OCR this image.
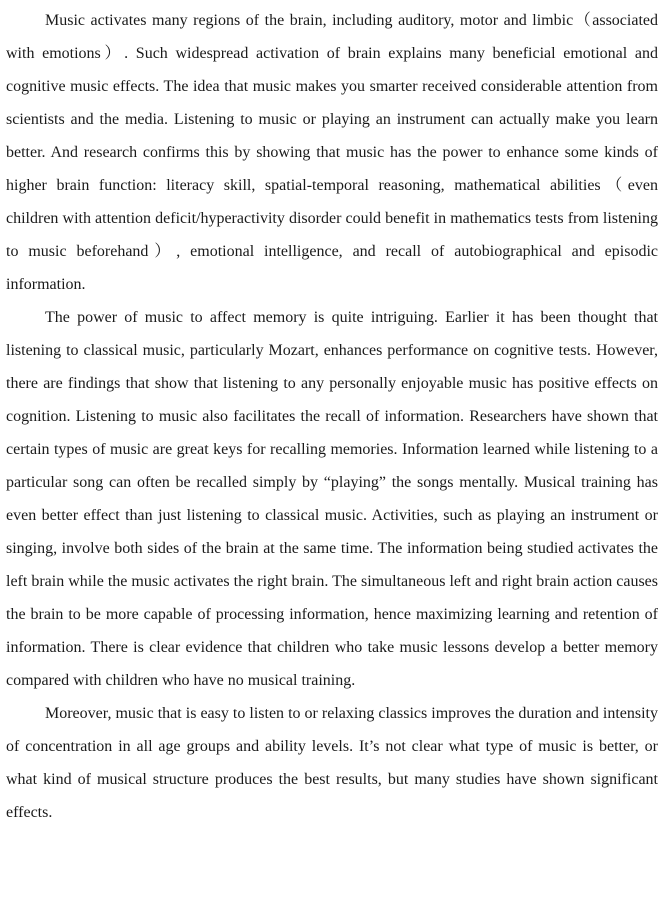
Music activates many regions of the brain, including auditory, motor and limbic（associated with emotions）. Such widespread activation of brain explains many beneficial emotional and cognitive music effects. The idea that music makes you smarter received considerable attention from scientists and the media. Listening to music or playing an instrument can actually make you learn better. And research confirms this by showing that music has the power to enhance some kinds of higher brain function: literacy skill, spatial-temporal reasoning, mathematical abilities（even children with attention deficit/hyperactivity disorder could benefit in mathematics tests from listening to music beforehand）, emotional intelligence, and recall of autobiographical and episodic information.

The power of music to affect memory is quite intriguing. Earlier it has been thought that listening to classical music, particularly Mozart, enhances performance on cognitive tests. However, there are findings that show that listening to any personally enjoyable music has positive effects on cognition. Listening to music also facilitates the recall of information. Researchers have shown that certain types of music are great keys for recalling memories. Information learned while listening to a particular song can often be recalled simply by “playing” the songs mentally. Musical training has even better effect than just listening to classical music. Activities, such as playing an instrument or singing, involve both sides of the brain at the same time. The information being studied activates the left brain while the music activates the right brain. The simultaneous left and right brain action causes the brain to be more capable of processing information, hence maximizing learning and retention of information. There is clear evidence that children who take music lessons develop a better memory compared with children who have no musical training.

Moreover, music that is easy to listen to or relaxing classics improves the duration and intensity of concentration in all age groups and ability levels. It’s not clear what type of music is better, or what kind of musical structure produces the best results, but many studies have shown significant effects.
